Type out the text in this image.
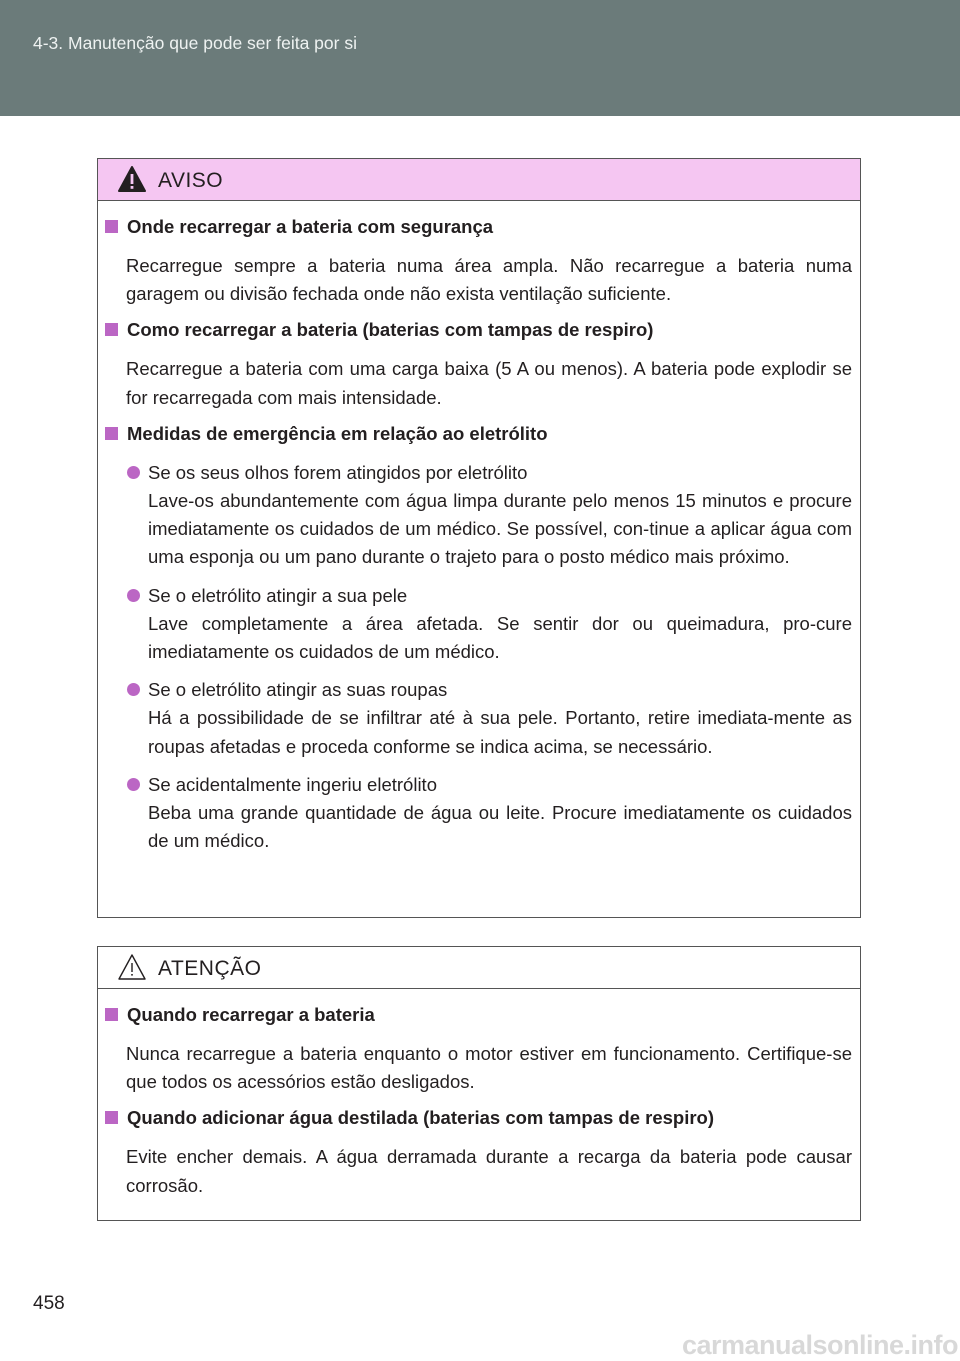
4-3. Manutenção que pode ser feita por si
AVISO
Onde recarregar a bateria com segurança
Recarregue sempre a bateria numa área ampla. Não recarregue a bateria numa garagem ou divisão fechada onde não exista ventilação suficiente.
Como recarregar a bateria (baterias com tampas de respiro)
Recarregue a bateria com uma carga baixa (5 A ou menos). A bateria pode explodir se for recarregada com mais intensidade.
Medidas de emergência em relação ao eletrólito
Se os seus olhos forem atingidos por eletrólito
Lave-os abundantemente com água limpa durante pelo menos 15 minutos e procure imediatamente os cuidados de um médico. Se possível, con-tinue a aplicar água com uma esponja ou um pano durante o trajeto para o posto médico mais próximo.
Se o eletrólito atingir a sua pele
Lave completamente a área afetada. Se sentir dor ou queimadura, pro-cure imediatamente os cuidados de um médico.
Se o eletrólito atingir as suas roupas
Há a possibilidade de se infiltrar até à sua pele. Portanto, retire imediata-mente as roupas afetadas e proceda conforme se indica acima, se necessário.
Se acidentalmente ingeriu eletrólito
Beba uma grande quantidade de água ou leite. Procure imediatamente os cuidados de um médico.
ATENÇÃO
Quando recarregar a bateria
Nunca recarregue a bateria enquanto o motor estiver em funcionamento. Certifique-se que todos os acessórios estão desligados.
Quando adicionar água destilada (baterias com tampas de respiro)
Evite encher demais. A água derramada durante a recarga da bateria pode causar corrosão.
458
carmanualsonline.info
